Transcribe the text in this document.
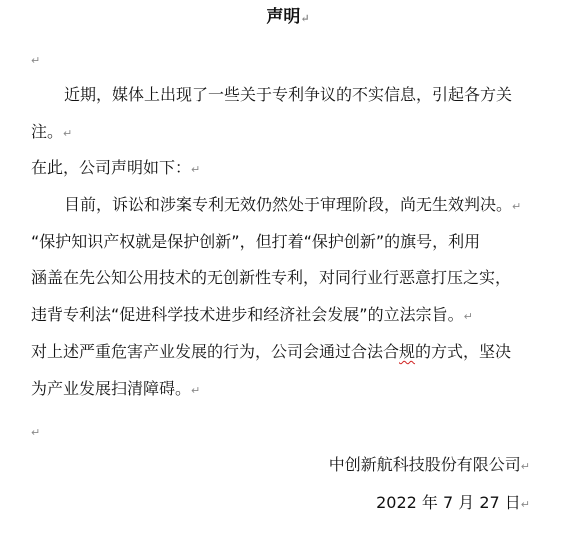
声明↵
↵
近期，媒体上出现了一些关于专利争议的不实信息，引起各方关
注。↵
在此，公司声明如下：↵
目前，诉讼和涉案专利无效仍然处于审理阶段，尚无生效判决。↵
“保护知识产权就是保护创新”，但打着“保护创新”的旗号，利用
涵盖在先公知公用技术的无创新性专利，对同行业行恶意打压之实，
违背专利法“促进科学技术进步和经济社会发展”的立法宗旨。↵
对上述严重危害产业发展的行为，公司会通过合法合规的方式，坚决
为产业发展扫清障碍。↵
↵
中创新航科技股份有限公司↵
2022 年 7 月 27 日↵
